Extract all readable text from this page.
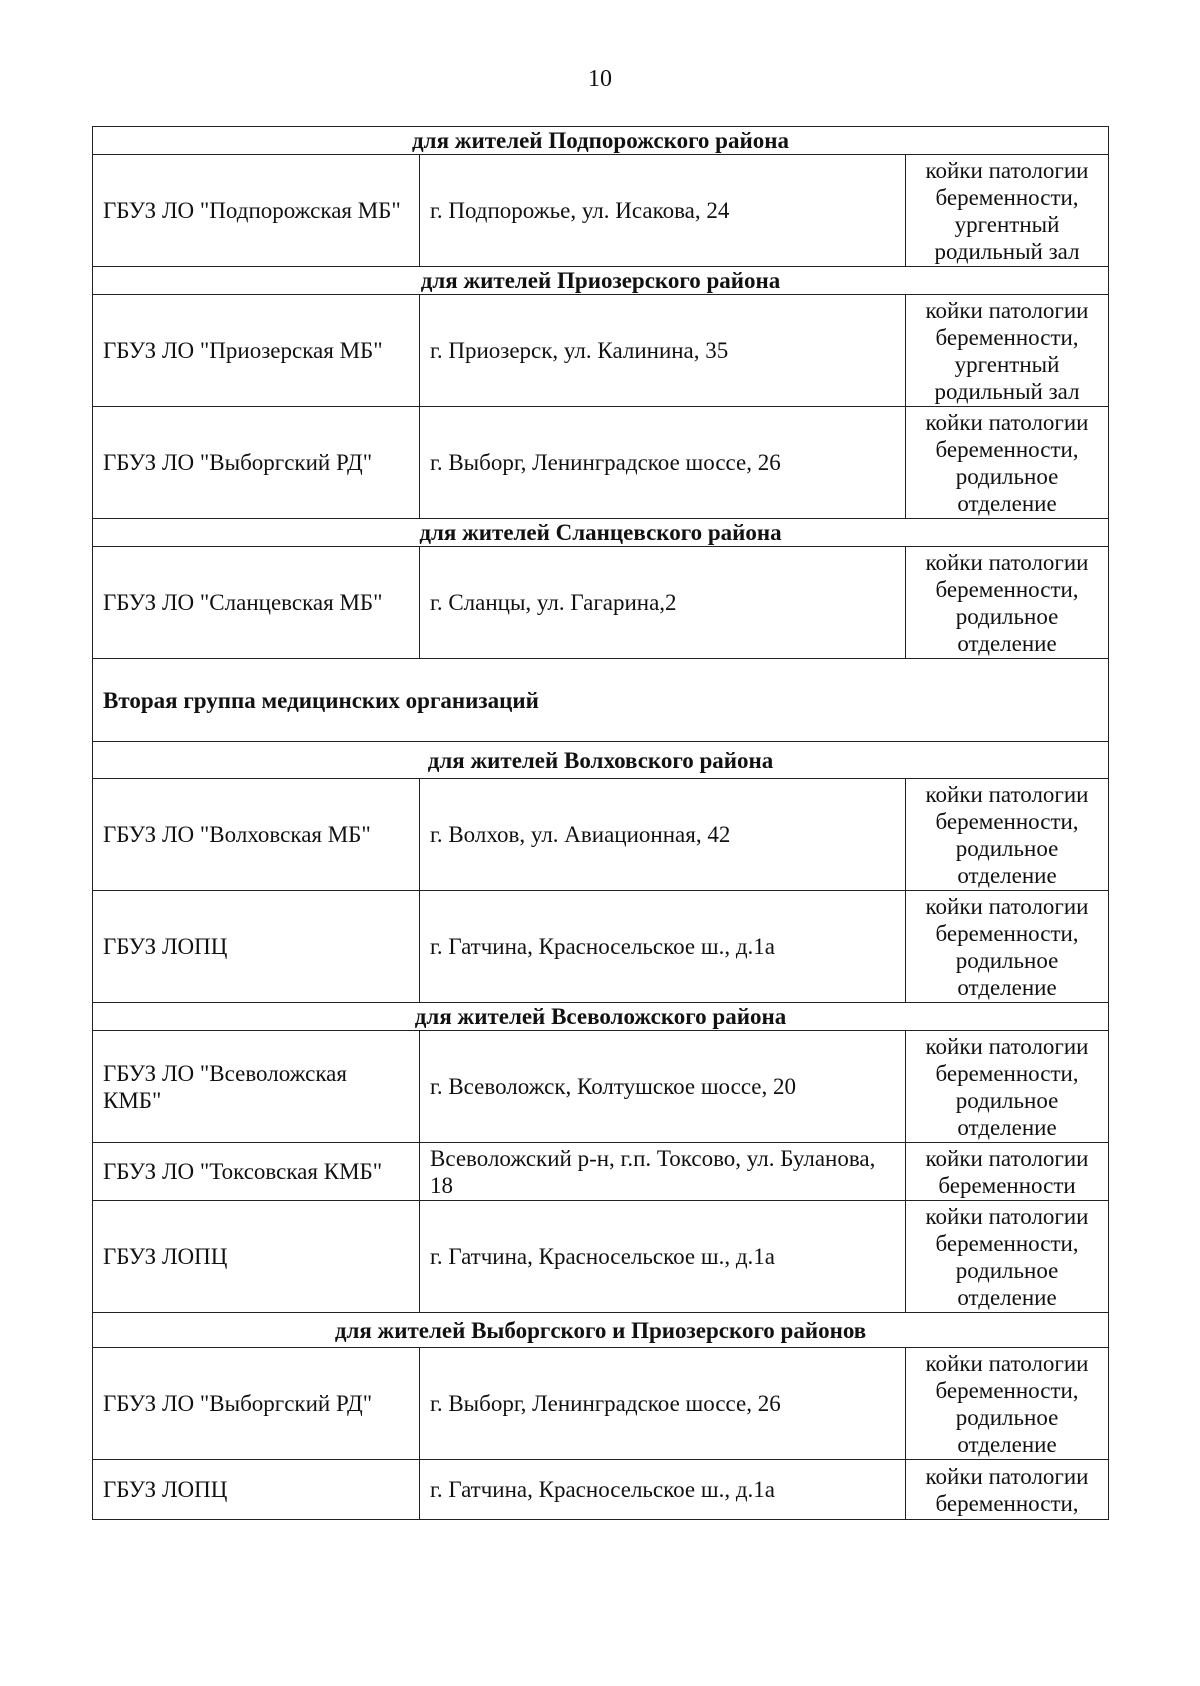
10
для жителей Подпорожского района		
ГБУЗ ЛО "Подпорожская МБ"	г. Подпорожье, ул. Исакова, 24	койки патологии беременности, ургентный родильный зал
для жителей Приозерского района		
ГБУЗ ЛО "Приозерская МБ"	г. Приозерск, ул. Калинина, 35	койки патологии беременности, ургентный родильный зал
ГБУЗ ЛО "Выборгский РД"	г. Выборг, Ленинградское шоссе, 26	койки патологии беременности, родильное отделение
для жителей Сланцевского района		
ГБУЗ ЛО "Сланцевская МБ"	г. Сланцы, ул. Гагарина,2	койки патологии беременности, родильное отделение
Вторая группа медицинских организаций		
для жителей Волховского района		
ГБУЗ ЛО "Волховская МБ"	г. Волхов, ул. Авиационная, 42	койки патологии беременности, родильное отделение
ГБУЗ ЛОПЦ	г. Гатчина, Красносельское ш., д.1а	койки патологии беременности, родильное отделение
для жителей Всеволожского района		
ГБУЗ ЛО "Всеволожская КМБ"	г. Всеволожск, Колтушское шоссе, 20	койки патологии беременности, родильное отделение
ГБУЗ ЛО "Токсовская КМБ"	Всеволожский р-н, г.п. Токсово, ул. Буланова, 18	койки патологии беременности
ГБУЗ ЛОПЦ	г. Гатчина, Красносельское ш., д.1а	койки патологии беременности, родильное отделение
для жителей Выборгского и Приозерского районов		
ГБУЗ ЛО "Выборгский РД"	г. Выборг, Ленинградское шоссе, 26	койки патологии беременности, родильное отделение
ГБУЗ ЛОПЦ	г. Гатчина, Красносельское ш., д.1а	койки патологии беременности,
